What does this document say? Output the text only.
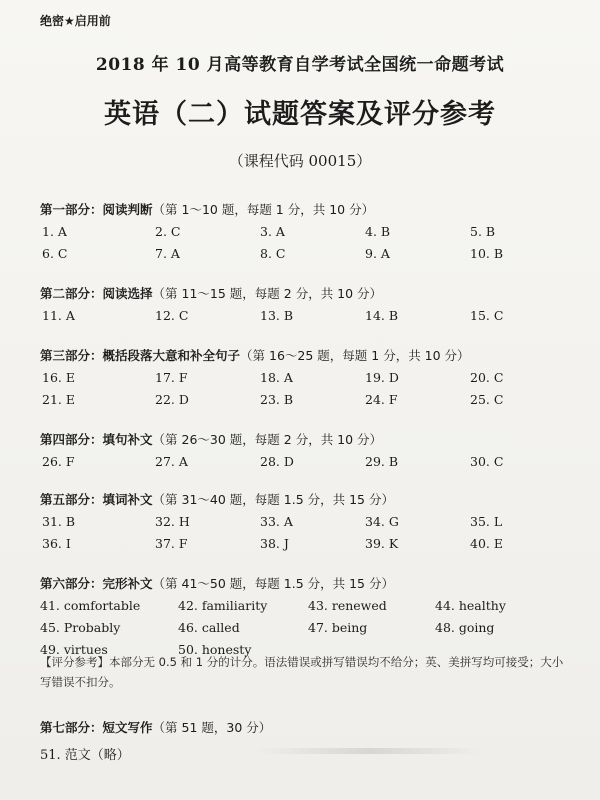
绝密★启用前
2018 年 10 月高等教育自学考试全国统一命题考试
英语（二）试题答案及评分参考
（课程代码 00015）
第一部分：阅读判断（第 1～10 题，每题 1 分，共 10 分）
1. A	2. C	3. A	4. B	5. B
6. C	7. A	8. C	9. A	10. B
第二部分：阅读选择（第 11～15 题，每题 2 分，共 10 分）
11. A	12. C	13. B	14. B	15. C
第三部分：概括段落大意和补全句子（第 16～25 题，每题 1 分，共 10 分）
16. E	17. F	18. A	19. D	20. C
21. E	22. D	23. B	24. F	25. C
第四部分：填句补文（第 26～30 题，每题 2 分，共 10 分）
26. F	27. A	28. D	29. B	30. C
第五部分：填词补文（第 31～40 题，每题 1.5 分，共 15 分）
31. B	32. H	33. A	34. G	35. L
36. I	37. F	38. J	39. K	40. E
第六部分：完形补文（第 41～50 题，每题 1.5 分，共 15 分）
41. comfortable	42. familiarity	43. renewed	44. healthy
45. Probably	46. called	47. being	48. going
49. virtues	50. honesty
【评分参考】本部分无 0.5 和 1 分的计分。语法错误或拼写错误均不给分；英、美拼写均可接受；大小写错误不扣分。
第七部分：短文写作（第 51 题，30 分）
51. 范文（略）
